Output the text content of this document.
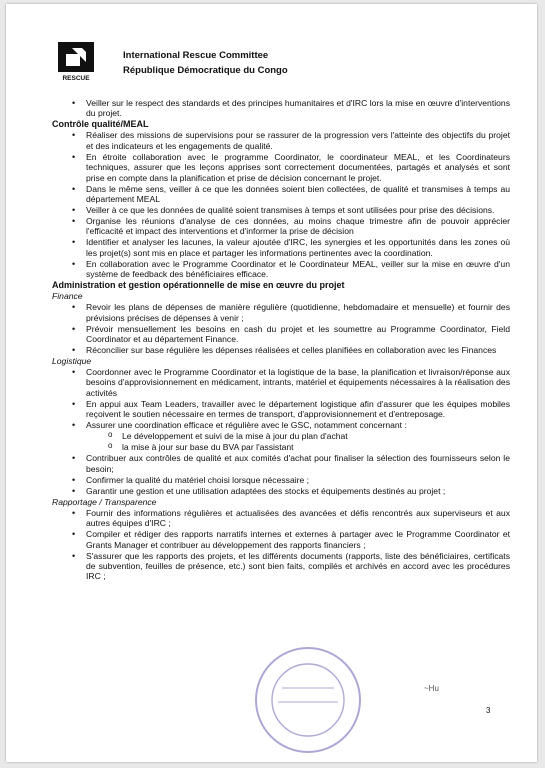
RESCUE
International Rescue Committee
République Démocratique du Congo
• Veiller sur le respect des standards et des principes humanitaires et d'IRC lors la mise en œuvre d'interventions du projet.
Contrôle qualité/MEAL
• Réaliser des missions de supervisions pour se rassurer de la progression vers l'atteinte des objectifs du projet et des indicateurs et les engagements de qualité.
• En étroite collaboration avec le programme Coordinator, le coordinateur MEAL, et les Coordinateurs techniques, assurer que les leçons apprises sont correctement documentées, partagés et analysés et sont prise en compte dans la planification et prise de décision concernant le projet.
• Dans le même sens, veiller à ce que les données soient bien collectées, de qualité et transmises à temps au département MEAL
• Veiller à ce que les données de qualité soient transmises à temps et sont utilisées pour prise des décisions.
• Organise les réunions d'analyse de ces données, au moins chaque trimestre afin de pouvoir apprécier l'efficacité et impact des interventions et d'informer la prise de décision
• Identifier et analyser les lacunes, la valeur ajoutée d'IRC, les synergies et les opportunités dans les zones où les projet(s) sont mis en place et partager les informations pertinentes avec la coordination.
• En collaboration avec le Programme Coordinator et le Coordinateur MEAL, veiller sur la mise en œuvre d'un système de feedback des bénéficiaires efficace.
Administration et gestion opérationnelle de mise en œuvre du projet
Finance
• Revoir les plans de dépenses de manière régulière (quotidienne, hebdomadaire et mensuelle) et fournir des prévisions précises de dépenses à venir ;
• Prévoir mensuellement les besoins en cash du projet et les soumettre au Programme Coordinator, Field Coordinator et au département Finance.
• Réconcilier sur base régulière les dépenses réalisées et celles planifiées en collaboration avec les Finances
Logistique
• Coordonner avec le Programme Coordinator et la logistique de la base, la planification et livraison/réponse aux besoins d'approvisionnement en médicament, intrants, matériel et équipements nécessaires à la réalisation des activités
• En appui aux Team Leaders, travailler avec le département logistique afin d'assurer que les équipes mobiles reçoivent le soutien nécessaire en termes de transport, d'approvisionnement et d'entreposage.
• Assurer une coordination efficace et régulière avec le GSC, notamment concernant :
o Le développement et suivi de la mise à jour du plan d'achat
o la mise à jour sur base du BVA par l'assistant
• Contribuer aux contrôles de qualité et aux comités d'achat pour finaliser la sélection des fournisseurs selon le besoin;
• Confirmer la qualité du matériel choisi lorsque nécessaire ;
• Garantir une gestion et une utilisation adaptées des stocks et équipements destinés au projet ;
Rapportage / Transparence
• Fournir des informations régulières et actualisées des avancées et défis rencontrés aux superviseurs et aux autres équipes d'IRC ;
• Compiler et rédiger des rapports narratifs internes et externes à partager avec le Programme Coordinator et Grants Manager et contribuer au développement des rapports financiers ;
• S'assurer que les rapports des projets, et les différents documents (rapports, liste des bénéficiaires, certificats de subvention, feuilles de présence, etc.) sont bien faits, compilés et archivés en accord avec les procédures IRC ;
~Hu
3
